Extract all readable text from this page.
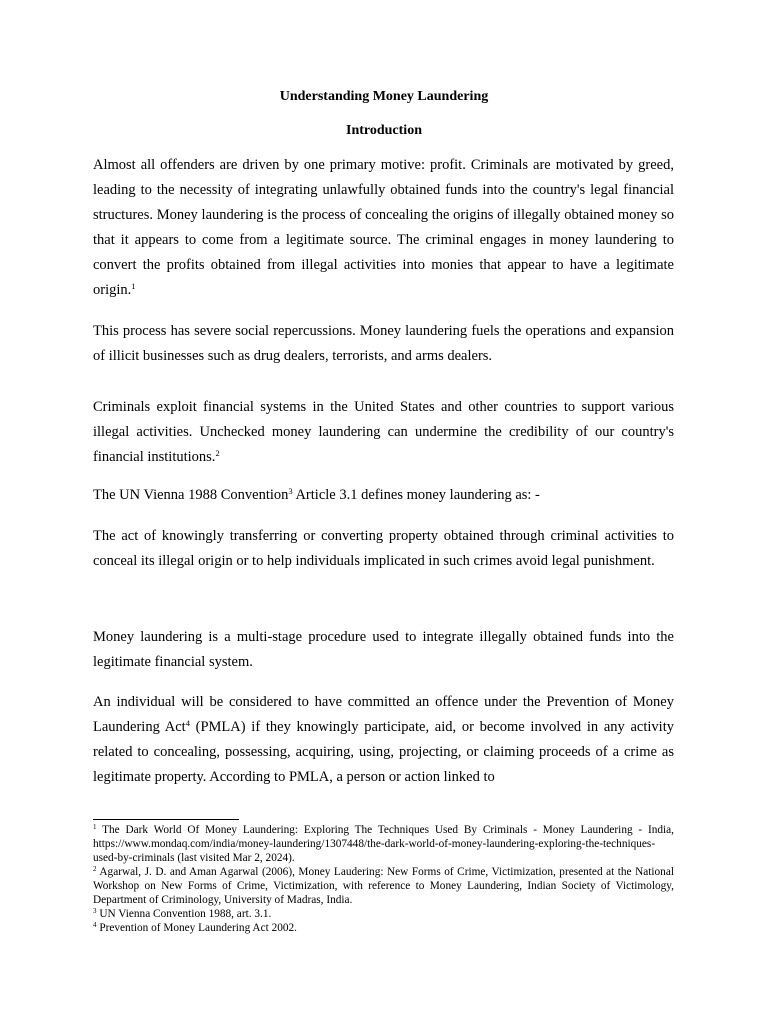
Understanding Money Laundering
Introduction

Almost all offenders are driven by one primary motive: profit. Criminals are motivated by greed, leading to the necessity of integrating unlawfully obtained funds into the country's legal financial structures. Money laundering is the process of concealing the origins of illegally obtained money so that it appears to come from a legitimate source. The criminal engages in money laundering to convert the profits obtained from illegal activities into monies that appear to have a legitimate origin.$^1$

This process has severe social repercussions. Money laundering fuels the operations and expansion of illicit businesses such as drug dealers, terrorists, and arms dealers.

Criminals exploit financial systems in the United States and other countries to support various illegal activities. Unchecked money laundering can undermine the credibility of our country's financial institutions.$^2$

The UN Vienna 1988 Convention$^3$ Article 3.1 defines money laundering as: -

The act of knowingly transferring or converting property obtained through criminal activities to conceal its illegal origin or to help individuals implicated in such crimes avoid legal punishment.

Money laundering is a multi-stage procedure used to integrate illegally obtained funds into the legitimate financial system.

An individual will be considered to have committed an offence under the Prevention of Money Laundering Act$^4$ (PMLA) if they knowingly participate, aid, or become involved in any activity related to concealing, possessing, acquiring, using, projecting, or claiming proceeds of a crime as legitimate property. According to PMLA, a person or action linked to

$^1$ The Dark World Of Money Laundering: Exploring The Techniques Used By Criminals - Money Laundering - India, https://www.mondaq.com/india/money-laundering/1307448/the-dark-world-of-money-laundering-exploring-the-techniques-used-by-criminals (last visited Mar 2, 2024).

$^2$ Agarwal, J. D. and Aman Agarwal (2006), Money Laudering: New Forms of Crime, Victimization, presented at the National Workshop on New Forms of Crime, Victimization, with reference to Money Laundering, Indian Society of Victimology, Department of Criminology, University of Madras, India.

$^3$ UN Vienna Convention 1988, art. 3.1.

$^4$ Prevention of Money Laundering Act 2002.
